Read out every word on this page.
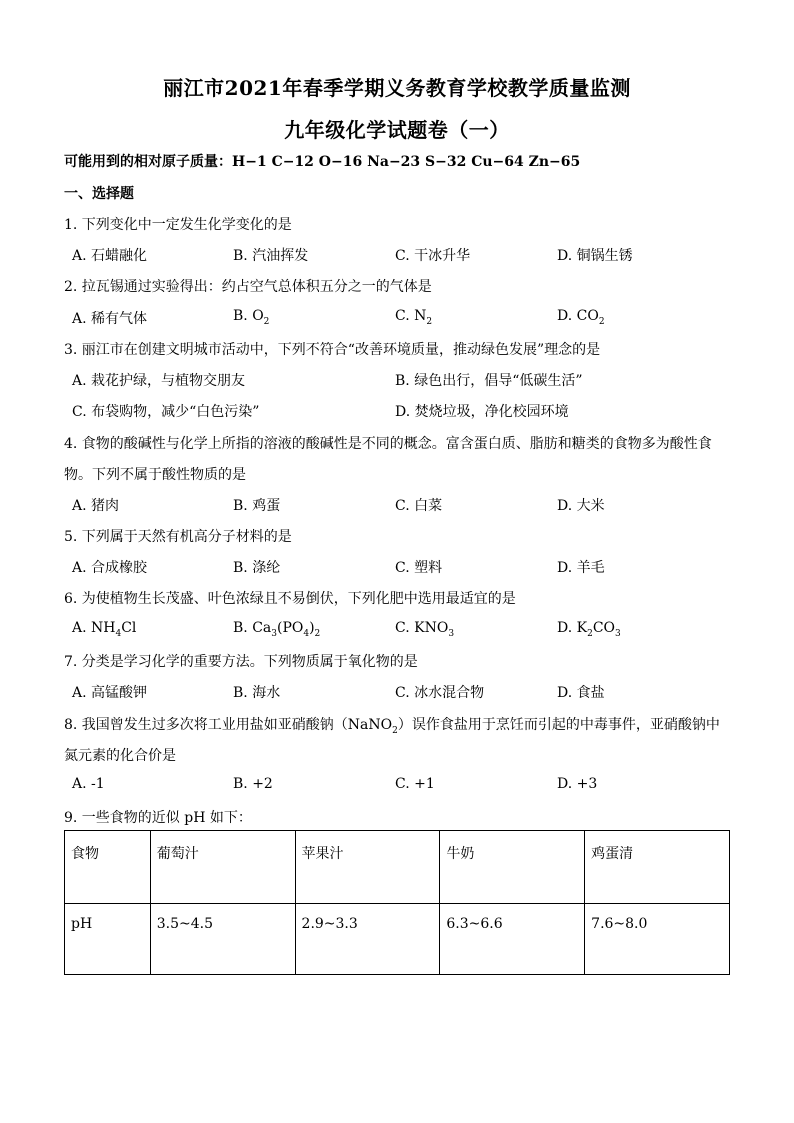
丽江市2021年春季学期义务教育学校教学质量监测
九年级化学试题卷（一）
可能用到的相对原子质量：H−1 C−12 O−16 Na−23 S−32 Cu−64 Zn−65
一、选择题
1. 下列变化中一定发生化学变化的是
A. 石蜡融化	B. 汽油挥发	C. 干冰升华	D. 铜锅生锈
2. 拉瓦锡通过实验得出：约占空气总体积五分之一的气体是
A. 稀有气体	B. $O_2$	C. $N_2$	D. $CO_2$
3. 丽江市在创建文明城市活动中，下列不符合“改善环境质量，推动绿色发展”理念的是
A. 栽花护绿，与植物交朋友	B. 绿色出行，倡导“低碳生活”
C. 布袋购物，减少“白色污染”	D. 焚烧垃圾，净化校园环境
4. 食物的酸碱性与化学上所指的溶液的酸碱性是不同的概念。富含蛋白质、脂肪和糖类的食物多为酸性食
物。下列不属于酸性物质的是
A. 猪肉	B. 鸡蛋	C. 白菜	D. 大米
5. 下列属于天然有机高分子材料的是
A. 合成橡胶	B. 涤纶	C. 塑料	D. 羊毛
6. 为使植物生长茂盛、叶色浓绿且不易倒伏，下列化肥中选用最适宜的是
A. $NH_4Cl$	B. $Ca_3(PO_4)_2$	C. $KNO_3$	D. $K_2CO_3$
7. 分类是学习化学的重要方法。下列物质属于氧化物的是
A. 高锰酸钾	B. 海水	C. 冰水混合物	D. 食盐
8. 我国曾发生过多次将工业用盐如亚硝酸钠（NaNO$_2$）误作食盐用于烹饪而引起的中毒事件，亚硝酸钠中
氮元素的化合价是
A. -1	B. +2	C. +1	D. +3
9. 一些食物的近似 pH 如下：
食物	葡萄汁	苹果汁	牛奶	鸡蛋清
pH	3.5~4.5	2.9~3.3	6.3~6.6	7.6~8.0
